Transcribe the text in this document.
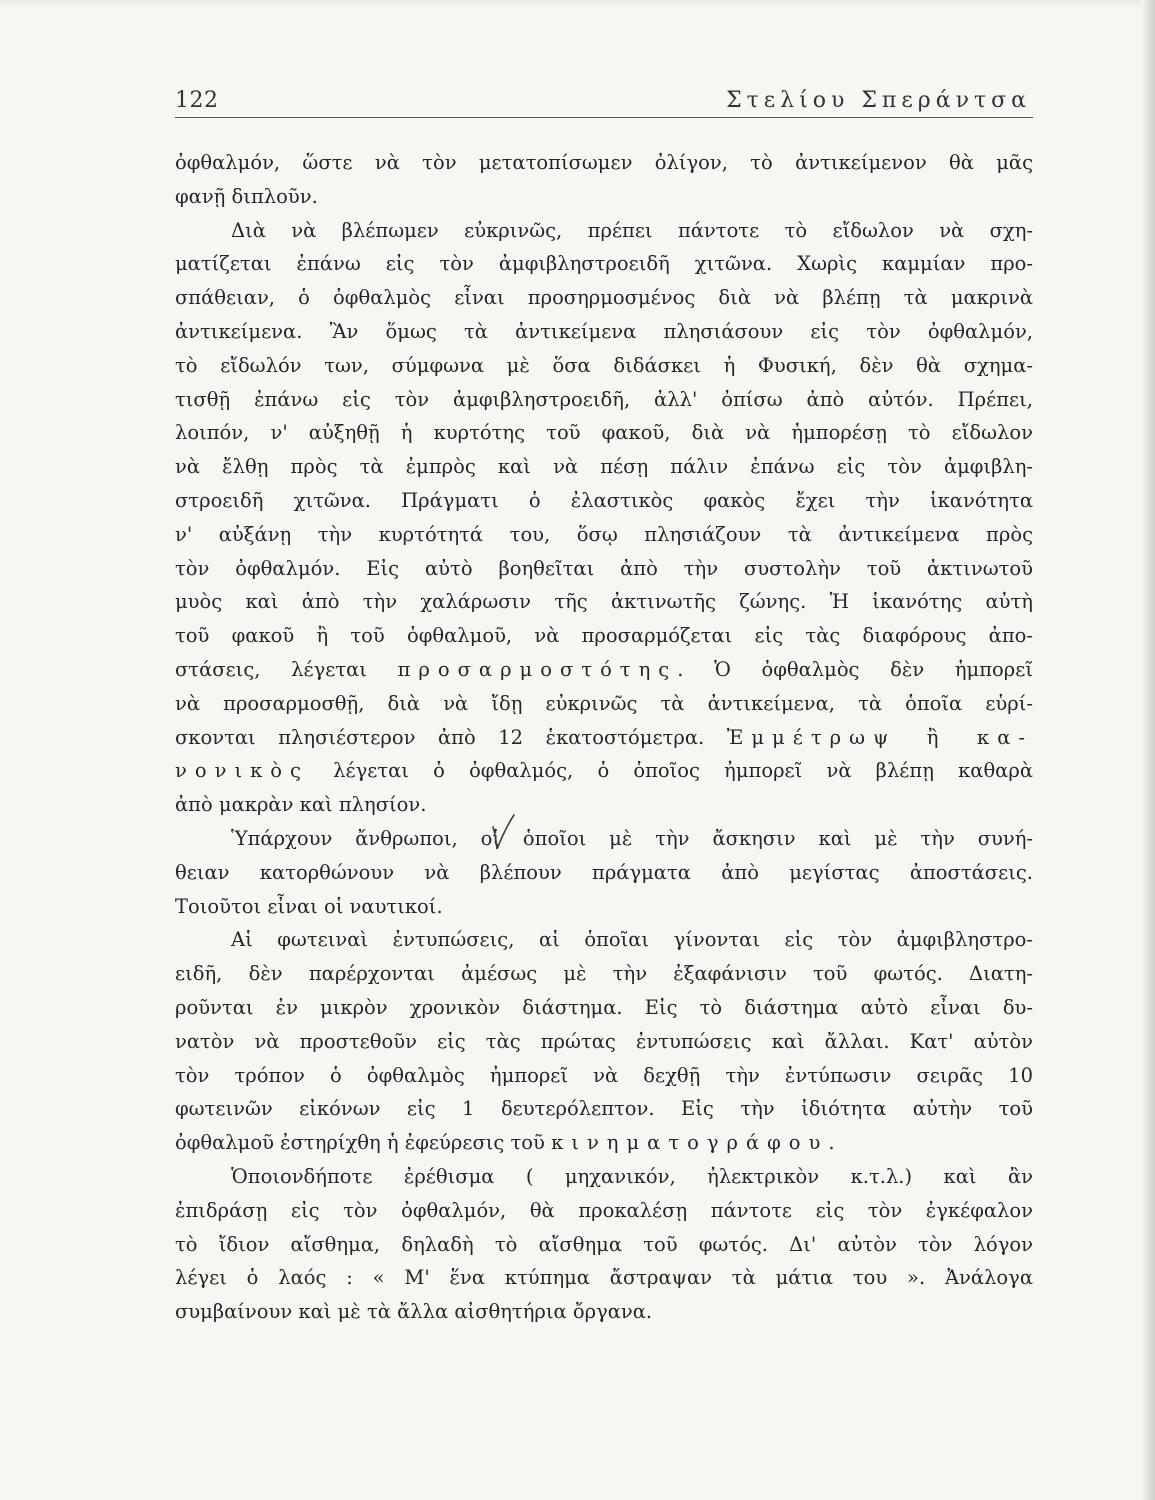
122	Στελίου Σπεράντσα
ὀφθαλμόν, ὥστε νὰ τὸν μετατοπίσωμεν ὀλίγον, τὸ ἀντικείμενον θὰ μᾶς
φανῇ διπλοῦν.
Διὰ νὰ βλέπωμεν εὐκρινῶς, πρέπει πάντοτε τὸ εἴδωλον νὰ σχη-
ματίζεται ἐπάνω εἰς τὸν ἀμφιβληστροειδῆ χιτῶνα. Χωρὶς καμμίαν προ-
σπάθειαν, ὁ ὀφθαλμὸς εἶναι προσηρμοσμένος διὰ νὰ βλέπῃ τὰ μακρινὰ
ἀντικείμενα. Ἂν ὅμως τὰ ἀντικείμενα πλησιάσουν εἰς τὸν ὀφθαλμόν,
τὸ εἴδωλόν των, σύμφωνα μὲ ὅσα διδάσκει ἡ Φυσική, δὲν θὰ σχημα-
τισθῇ ἐπάνω εἰς τὸν ἀμφιβληστροειδῆ, ἀλλ' ὀπίσω ἀπὸ αὐτόν. Πρέπει,
λοιπόν, ν' αὐξηθῇ ἡ κυρτότης τοῦ φακοῦ, διὰ νὰ ἠμπορέσῃ τὸ εἴδωλον
νὰ ἔλθῃ πρὸς τὰ ἐμπρὸς καὶ νὰ πέσῃ πάλιν ἐπάνω εἰς τὸν ἀμφιβλη-
στροειδῆ χιτῶνα. Πράγματι ὁ ἐλαστικὸς φακὸς ἔχει τὴν ἱκανότητα
ν' αὐξάνῃ τὴν κυρτότητά του, ὅσῳ πλησιάζουν τὰ ἀντικείμενα πρὸς
τὸν ὀφθαλμόν. Εἰς αὐτὸ βοηθεῖται ἀπὸ τὴν συστολὴν τοῦ ἀκτινωτοῦ
μυὸς καὶ ἀπὸ τὴν χαλάρωσιν τῆς ἀκτινωτῆς ζώνης. Ἡ ἱκανότης αὐτὴ
τοῦ φακοῦ ἢ τοῦ ὀφθαλμοῦ, νὰ προσαρμόζεται εἰς τὰς διαφόρους ἀπο-
στάσεις, λέγεται προσαρμοστότης. Ὁ ὀφθαλμὸς δὲν ἠμπορεῖ
νὰ προσαρμοσθῇ, διὰ νὰ ἴδῃ εὐκρινῶς τὰ ἀντικείμενα, τὰ ὁποῖα εὑρί-
σκονται πλησιέστερον ἀπὸ 12 ἑκατοστόμετρα. Ἐμμέτρωψ ἢ κα-
νονικὸς λέγεται ὁ ὀφθαλμός, ὁ ὁποῖος ἠμπορεῖ νὰ βλέπῃ καθαρὰ
ἀπὸ μακρὰν καὶ πλησίον.
Ὑπάρχουν ἄνθρωποι, οἱ ὁποῖοι μὲ τὴν ἄσκησιν καὶ μὲ τὴν συνή-
θειαν κατορθώνουν νὰ βλέπουν πράγματα ἀπὸ μεγίστας ἀποστάσεις.
Τοιοῦτοι εἶναι οἱ ναυτικοί.
Αἱ φωτειναὶ ἐντυπώσεις, αἱ ὁποῖαι γίνονται εἰς τὸν ἀμφιβληστρο-
ειδῆ, δὲν παρέρχονται ἀμέσως μὲ τὴν ἐξαφάνισιν τοῦ φωτός. Διατη-
ροῦνται ἐν μικρὸν χρονικὸν διάστημα. Εἰς τὸ διάστημα αὐτὸ εἶναι δυ-
νατὸν νὰ προστεθοῦν εἰς τὰς πρώτας ἐντυπώσεις καὶ ἄλλαι. Κατ' αὐτὸν
τὸν τρόπον ὁ ὀφθαλμὸς ἠμπορεῖ νὰ δεχθῇ τὴν ἐντύπωσιν σειρᾶς 10
φωτεινῶν εἰκόνων εἰς 1 δευτερόλεπτον. Εἰς τὴν ἰδιότητα αὐτὴν τοῦ
ὀφθαλμοῦ ἐστηρίχθη ἡ ἐφεύρεσις τοῦ κινηματογράφου.
Ὁποιονδήποτε ἐρέθισμα ( μηχανικόν, ἠλεκτρικὸν κ.τ.λ.) καὶ ἂν
ἐπιδράσῃ εἰς τὸν ὀφθαλμόν, θὰ προκαλέσῃ πάντοτε εἰς τὸν ἐγκέφαλον
τὸ ἴδιον αἴσθημα, δηλαδὴ τὸ αἴσθημα τοῦ φωτός. Δι' αὐτὸν τὸν λόγον
λέγει ὁ λαός : « Μ' ἕνα κτύπημα ἄστραψαν τὰ μάτια του ». Ἀνάλογα
συμβαίνουν καὶ μὲ τὰ ἄλλα αἰσθητήρια ὄργανα.
